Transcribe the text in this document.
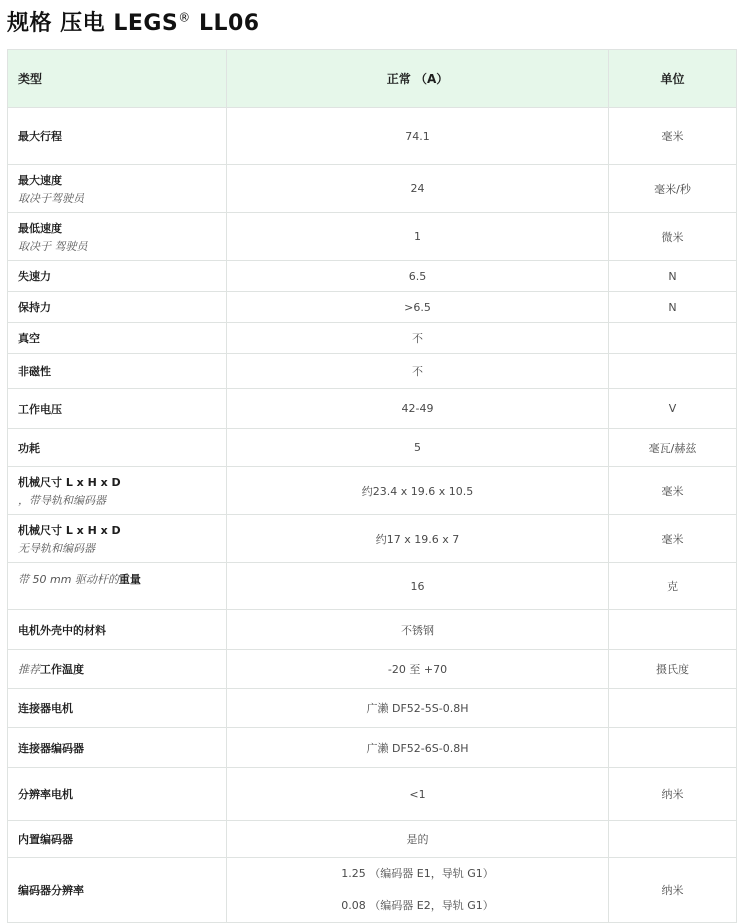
规格 压电 LEGS® LL06
类型	正常 （A）	单位

最大行程	74.1	毫米

最大速度
取决于驾驶员	24	毫米/秒

最低速度
取决于 驾驶员	1	微米

失速力	6.5	N

保持力	>6.5	N

真空	不	

非磁性	不	

工作电压	42-49	V

功耗	5	毫瓦/赫兹

机械尺寸 L x H x D
，带导轨和编码器	约23.4 x 19.6 x 10.5	毫米

机械尺寸 L x H x D
无导轨和编码器	约17 x 19.6 x 7	毫米
带 50 mm 驱动杆的重量	16	克

电机外壳中的材料	不锈钢	
推荐工作温度	-20 至 +70	摄氏度

连接器电机	广濑 DF52-5S-0.8H	

连接器编码器	广濑 DF52-6S-0.8H	

分辨率电机	<1	纳米

内置编码器	是的	

编码器分辨率	1.25 （编码器 E1，导轨 G1）
0.08 （编码器 E2，导轨 G1）	纳米
